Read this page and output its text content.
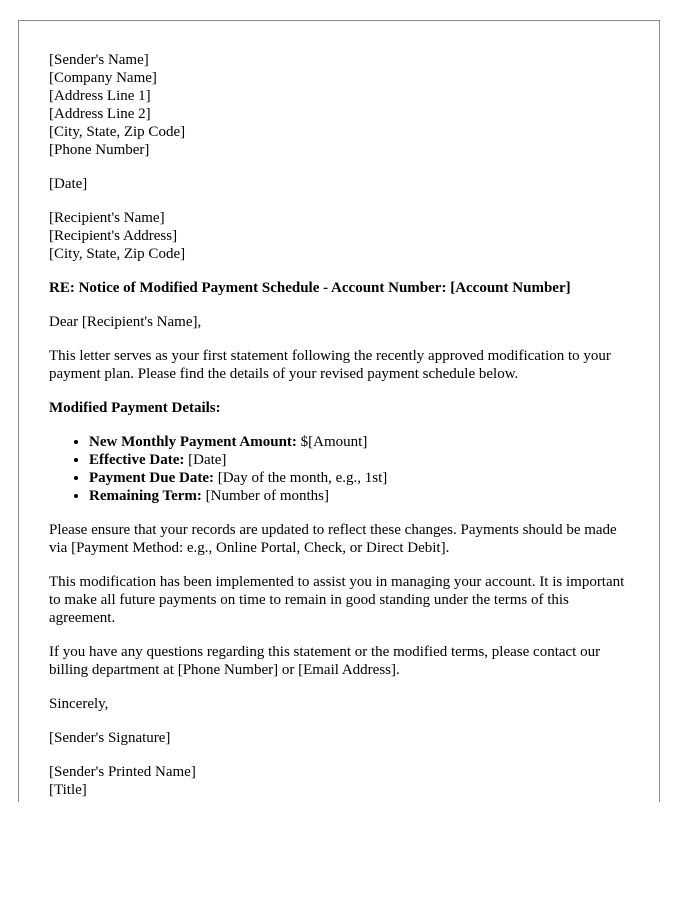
[Sender's Name]
[Company Name]
[Address Line 1]
[Address Line 2]
[City, State, Zip Code]
[Phone Number]

[Date]

[Recipient's Name]
[Recipient's Address]
[City, State, Zip Code]

RE: Notice of Modified Payment Schedule - Account Number: [Account Number]

Dear [Recipient's Name],

This letter serves as your first statement following the recently approved modification to your payment plan. Please find the details of your revised payment schedule below.

Modified Payment Details:

• New Monthly Payment Amount: $[Amount]
• Effective Date: [Date]
• Payment Due Date: [Day of the month, e.g., 1st]
• Remaining Term: [Number of months]

Please ensure that your records are updated to reflect these changes. Payments should be made via [Payment Method: e.g., Online Portal, Check, or Direct Debit].

This modification has been implemented to assist you in managing your account. It is important to make all future payments on time to remain in good standing under the terms of this agreement.

If you have any questions regarding this statement or the modified terms, please contact our billing department at [Phone Number] or [Email Address].

Sincerely,

[Sender's Signature]

[Sender's Printed Name]
[Title]
